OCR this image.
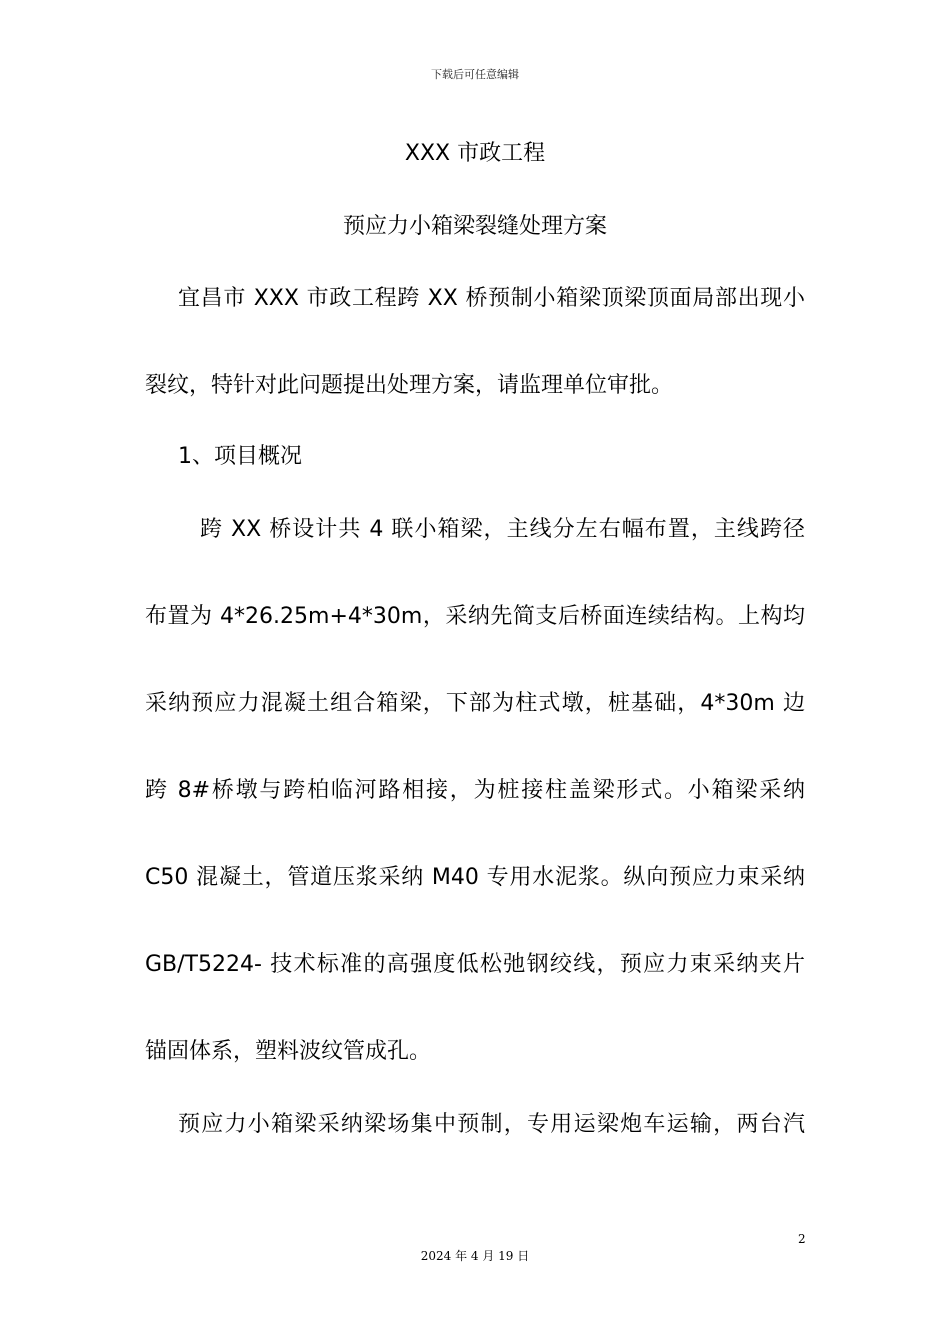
下载后可任意编辑
XXX 市政工程
预应力小箱梁裂缝处理方案
宜昌市 XXX 市政工程跨 XX 桥预制小箱梁顶梁顶面局部出现小
裂纹，特针对此问题提出处理方案，请监理单位审批。
1、项目概况
跨 XX 桥设计共 4 联小箱梁，主线分左右幅布置，主线跨径
布置为 4*26.25m+4*30m，采纳先简支后桥面连续结构。上构均
采纳预应力混凝土组合箱梁，下部为柱式墩，桩基础，4*30m 边
跨 8#桥墩与跨柏临河路相接，为桩接柱盖梁形式。小箱梁采纳
C50 混凝土，管道压浆采纳 M40 专用水泥浆。纵向预应力束采纳
GB/T5224- 技术标准的高强度低松弛钢绞线，预应力束采纳夹片
锚固体系，塑料波纹管成孔。
预应力小箱梁采纳梁场集中预制，专用运梁炮车运输，两台汽
2
2024 年 4 月 19 日
